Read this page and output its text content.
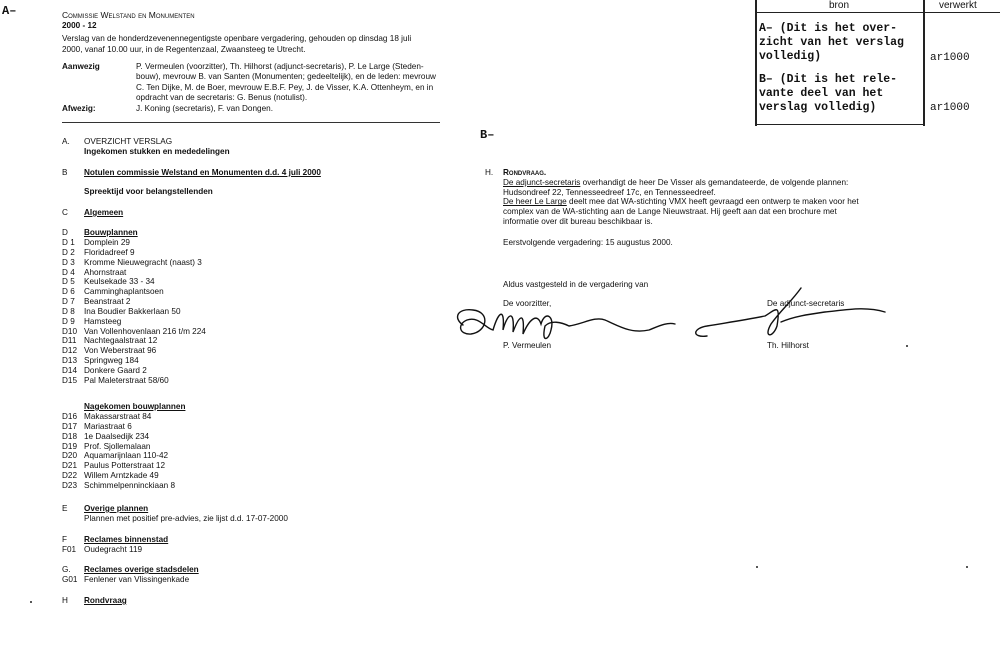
A–
B–
Commissie Welstand en Monumenten
2000 - 12
Verslag van de honderdzevenennegentigste openbare vergadering, gehouden op dinsdag 18 juli
2000, vanaf 10.00 uur, in de Regentenzaal, Zwaansteeg te Utrecht.
Aanwezig	P. Vermeulen (voorzitter), Th. Hilhorst (adjunct-secretaris), P. Le Large (Steden-
bouw), mevrouw B. van Santen (Monumenten; gedeeltelijk), en de leden: mevrouw
C. Ten Dijke, M. de Boer, mevrouw E.B.F. Pey, J. de Visser, K.A. Ottenheym, en in
opdracht van de secretaris: G. Benus (notulist).
Afwezig:	J. Koning (secretaris), F. van Dongen.
bron	verwerkt
A– (Dit is het over-
zicht van het verslag
volledig)	ar1000
B– (Dit is het rele-
vante deel van het
verslag volledig)	ar1000
A. OVERZICHT VERSLAG
Ingekomen stukken en mededelingen
B Notulen commissie Welstand en Monumenten d.d. 4 juli 2000
Spreektijd voor belangstellenden
C Algemeen
D Bouwplannen
D 1 Domplein 29
D 2 Floridadreef 9
D 3 Kromme Nieuwegracht (naast) 3
D 4 Ahornstraat
D 5 Keulsekade 33 - 34
D 6 Camminghaplantsoen
D 7 Beanstraat 2
D 8 Ina Boudier Bakkerlaan 50
D 9 Hamsteeg
D10 Van Vollenhovenlaan 216 t/m 224
D11 Nachtegaalstraat 12
D12 Von Weberstraat 96
D13 Springweg 184
D14 Donkere Gaard 2
D15 Pal Maleterstraat 58/60
Nagekomen bouwplannen
D16 Makassarstraat 84
D17 Mariastraat 6
D18 1e Daalsedijk 234
D19 Prof. Sjollemalaan
D20 Aquamarijnlaan 110-42
D21 Paulus Potterstraat 12
D22 Willem Arntzkade 49
D23 Schimmelpenninckiaan 8
E Overige plannen
Plannen met positief pre-advies, zie lijst d.d. 17-07-2000
F Reclames binnenstad
F01 Oudegracht 119
G. Reclames overige stadsdelen
G01 Fenlener van Vlissingenkade
H Rondvraag
H. Rondvraag.
De adjunct-secretaris overhandigt de heer De Visser als gemandateerde, de volgende plannen:
Hudsondreef 22, Tennesseedreef 17c, en Tennesseedreef.
De heer Le Large deelt mee dat WA-stichting VMX heeft gevraagd een ontwerp te maken voor het
complex van de WA-stichting aan de Lange Nieuwstraat. Hij geeft aan dat een brochure met
informatie over dit bureau beschikbaar is.
Eerstvolgende vergadering: 15 augustus 2000.
Aldus vastgesteld in de vergadering van
De voorzitter,
P. Vermeulen
De adjunct-secretaris
Th. Hilhorst
